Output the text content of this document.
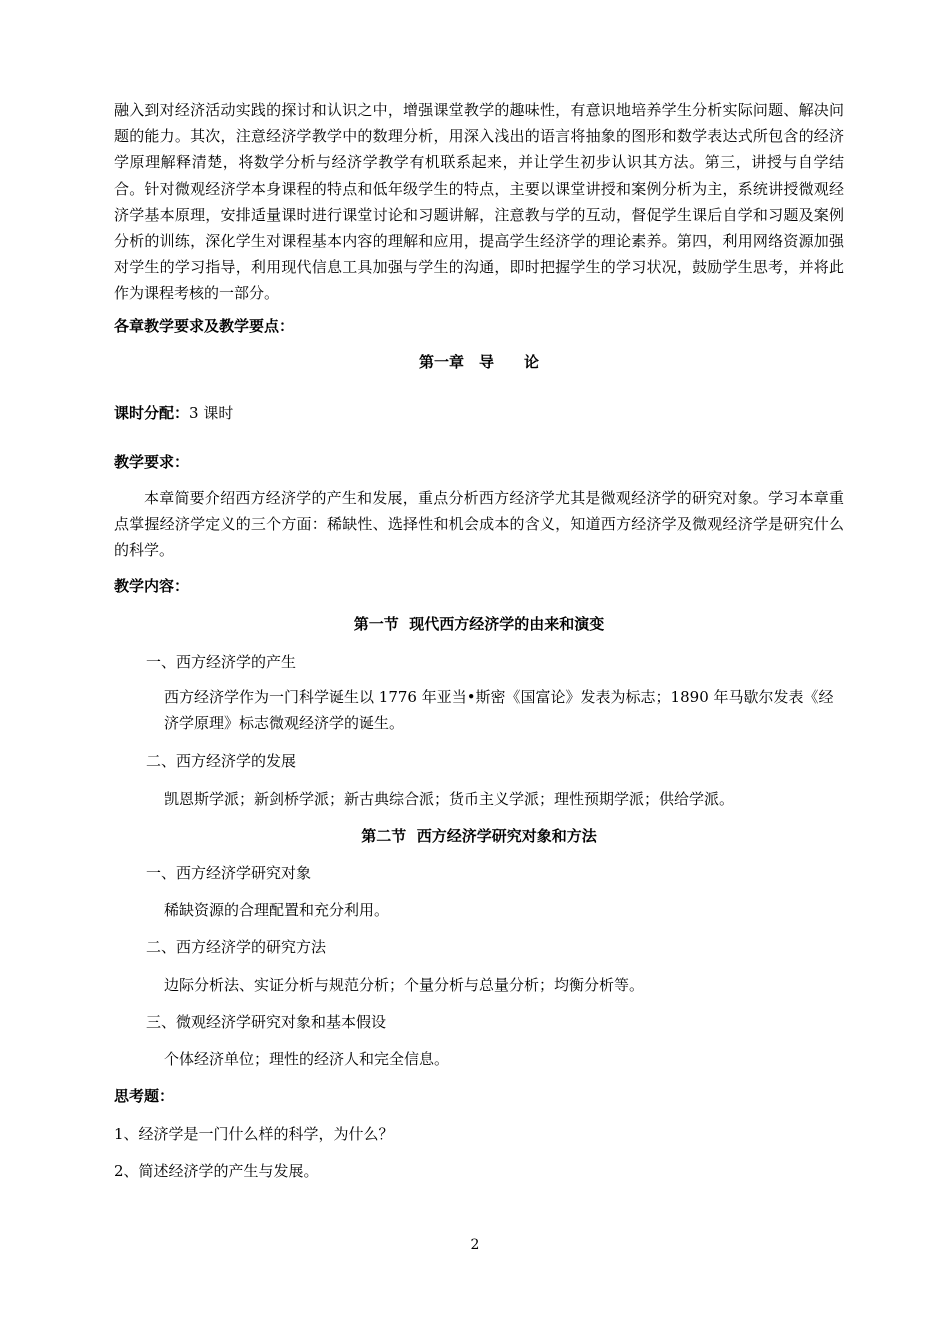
融入到对经济活动实践的探讨和认识之中，增强课堂教学的趣味性，有意识地培养学生分析实际问题、解决问题的能力。其次，注意经济学教学中的数理分析，用深入浅出的语言将抽象的图形和数学表达式所包含的经济学原理解释清楚，将数学分析与经济学教学有机联系起来，并让学生初步认识其方法。第三，讲授与自学结合。针对微观经济学本身课程的特点和低年级学生的特点，主要以课堂讲授和案例分析为主，系统讲授微观经济学基本原理，安排适量课时进行课堂讨论和习题讲解，注意教与学的互动，督促学生课后自学和习题及案例分析的训练，深化学生对课程基本内容的理解和应用，提高学生经济学的理论素养。第四，利用网络资源加强对学生的学习指导，利用现代信息工具加强与学生的沟通，即时把握学生的学习状况，鼓励学生思考，并将此作为课程考核的一部分。

各章教学要求及教学要点：

第一章　导　　论

课时分配：3 课时

教学要求：

本章简要介绍西方经济学的产生和发展，重点分析西方经济学尤其是微观经济学的研究对象。学习本章重点掌握经济学定义的三个方面：稀缺性、选择性和机会成本的含义，知道西方经济学及微观经济学是研究什么的科学。

教学内容：

第一节  现代西方经济学的由来和演变

一、西方经济学的产生

西方经济学作为一门科学诞生以 1776 年亚当•斯密《国富论》发表为标志；1890 年马歇尔发表《经济学原理》标志微观经济学的诞生。

二、西方经济学的发展

凯恩斯学派；新剑桥学派；新古典综合派；货币主义学派；理性预期学派；供给学派。

第二节  西方经济学研究对象和方法

一、西方经济学研究对象

稀缺资源的合理配置和充分利用。

二、西方经济学的研究方法

边际分析法、实证分析与规范分析；个量分析与总量分析；均衡分析等。

三、微观经济学研究对象和基本假设

个体经济单位；理性的经济人和完全信息。

思考题：

1、经济学是一门什么样的科学，为什么？

2、简述经济学的产生与发展。

2
